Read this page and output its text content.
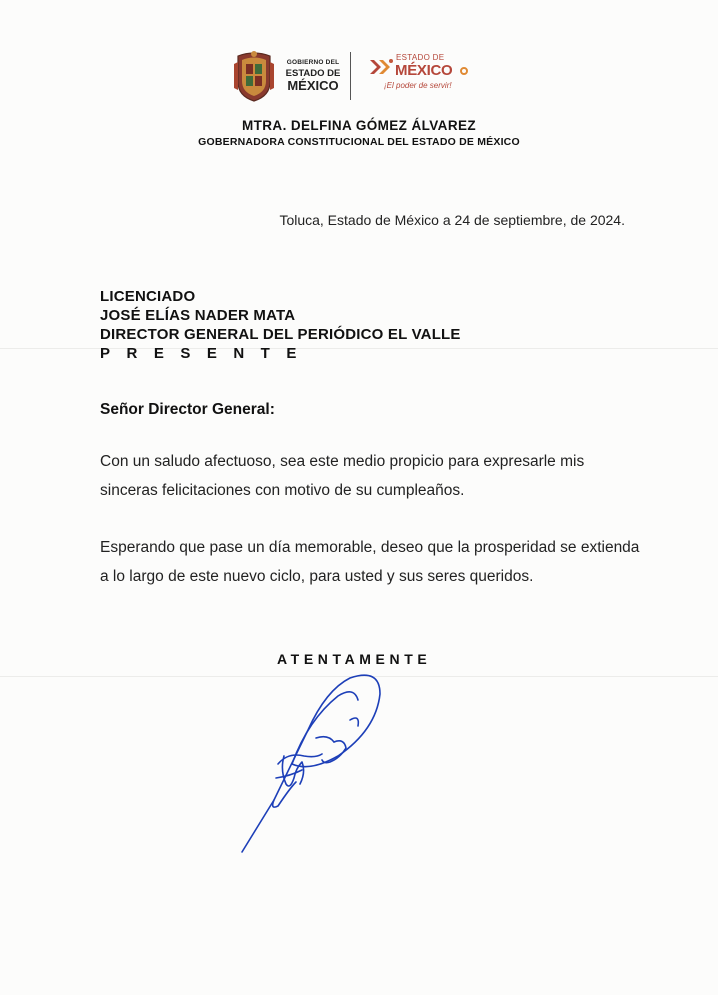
GOBIERNO DEL
ESTADO DE
MÉXICO
ESTADO DE
MÉXICO
¡El poder de servir!
MTRA. DELFINA GÓMEZ ÁLVAREZ
GOBERNADORA CONSTITUCIONAL DEL ESTADO DE MÉXICO
Toluca, Estado de México a 24 de septiembre, de 2024.
LICENCIADO
JOSÉ ELÍAS NADER MATA
DIRECTOR GENERAL DEL PERIÓDICO EL VALLE
PRESENTE
Señor Director General:
Con un saludo afectuoso, sea este medio propicio para expresarle mis sinceras felicitaciones con motivo de su cumpleaños.
Esperando que pase un día memorable, deseo que la prosperidad se extienda a lo largo de este nuevo ciclo, para usted y sus seres queridos.
ATENTAMENTE
